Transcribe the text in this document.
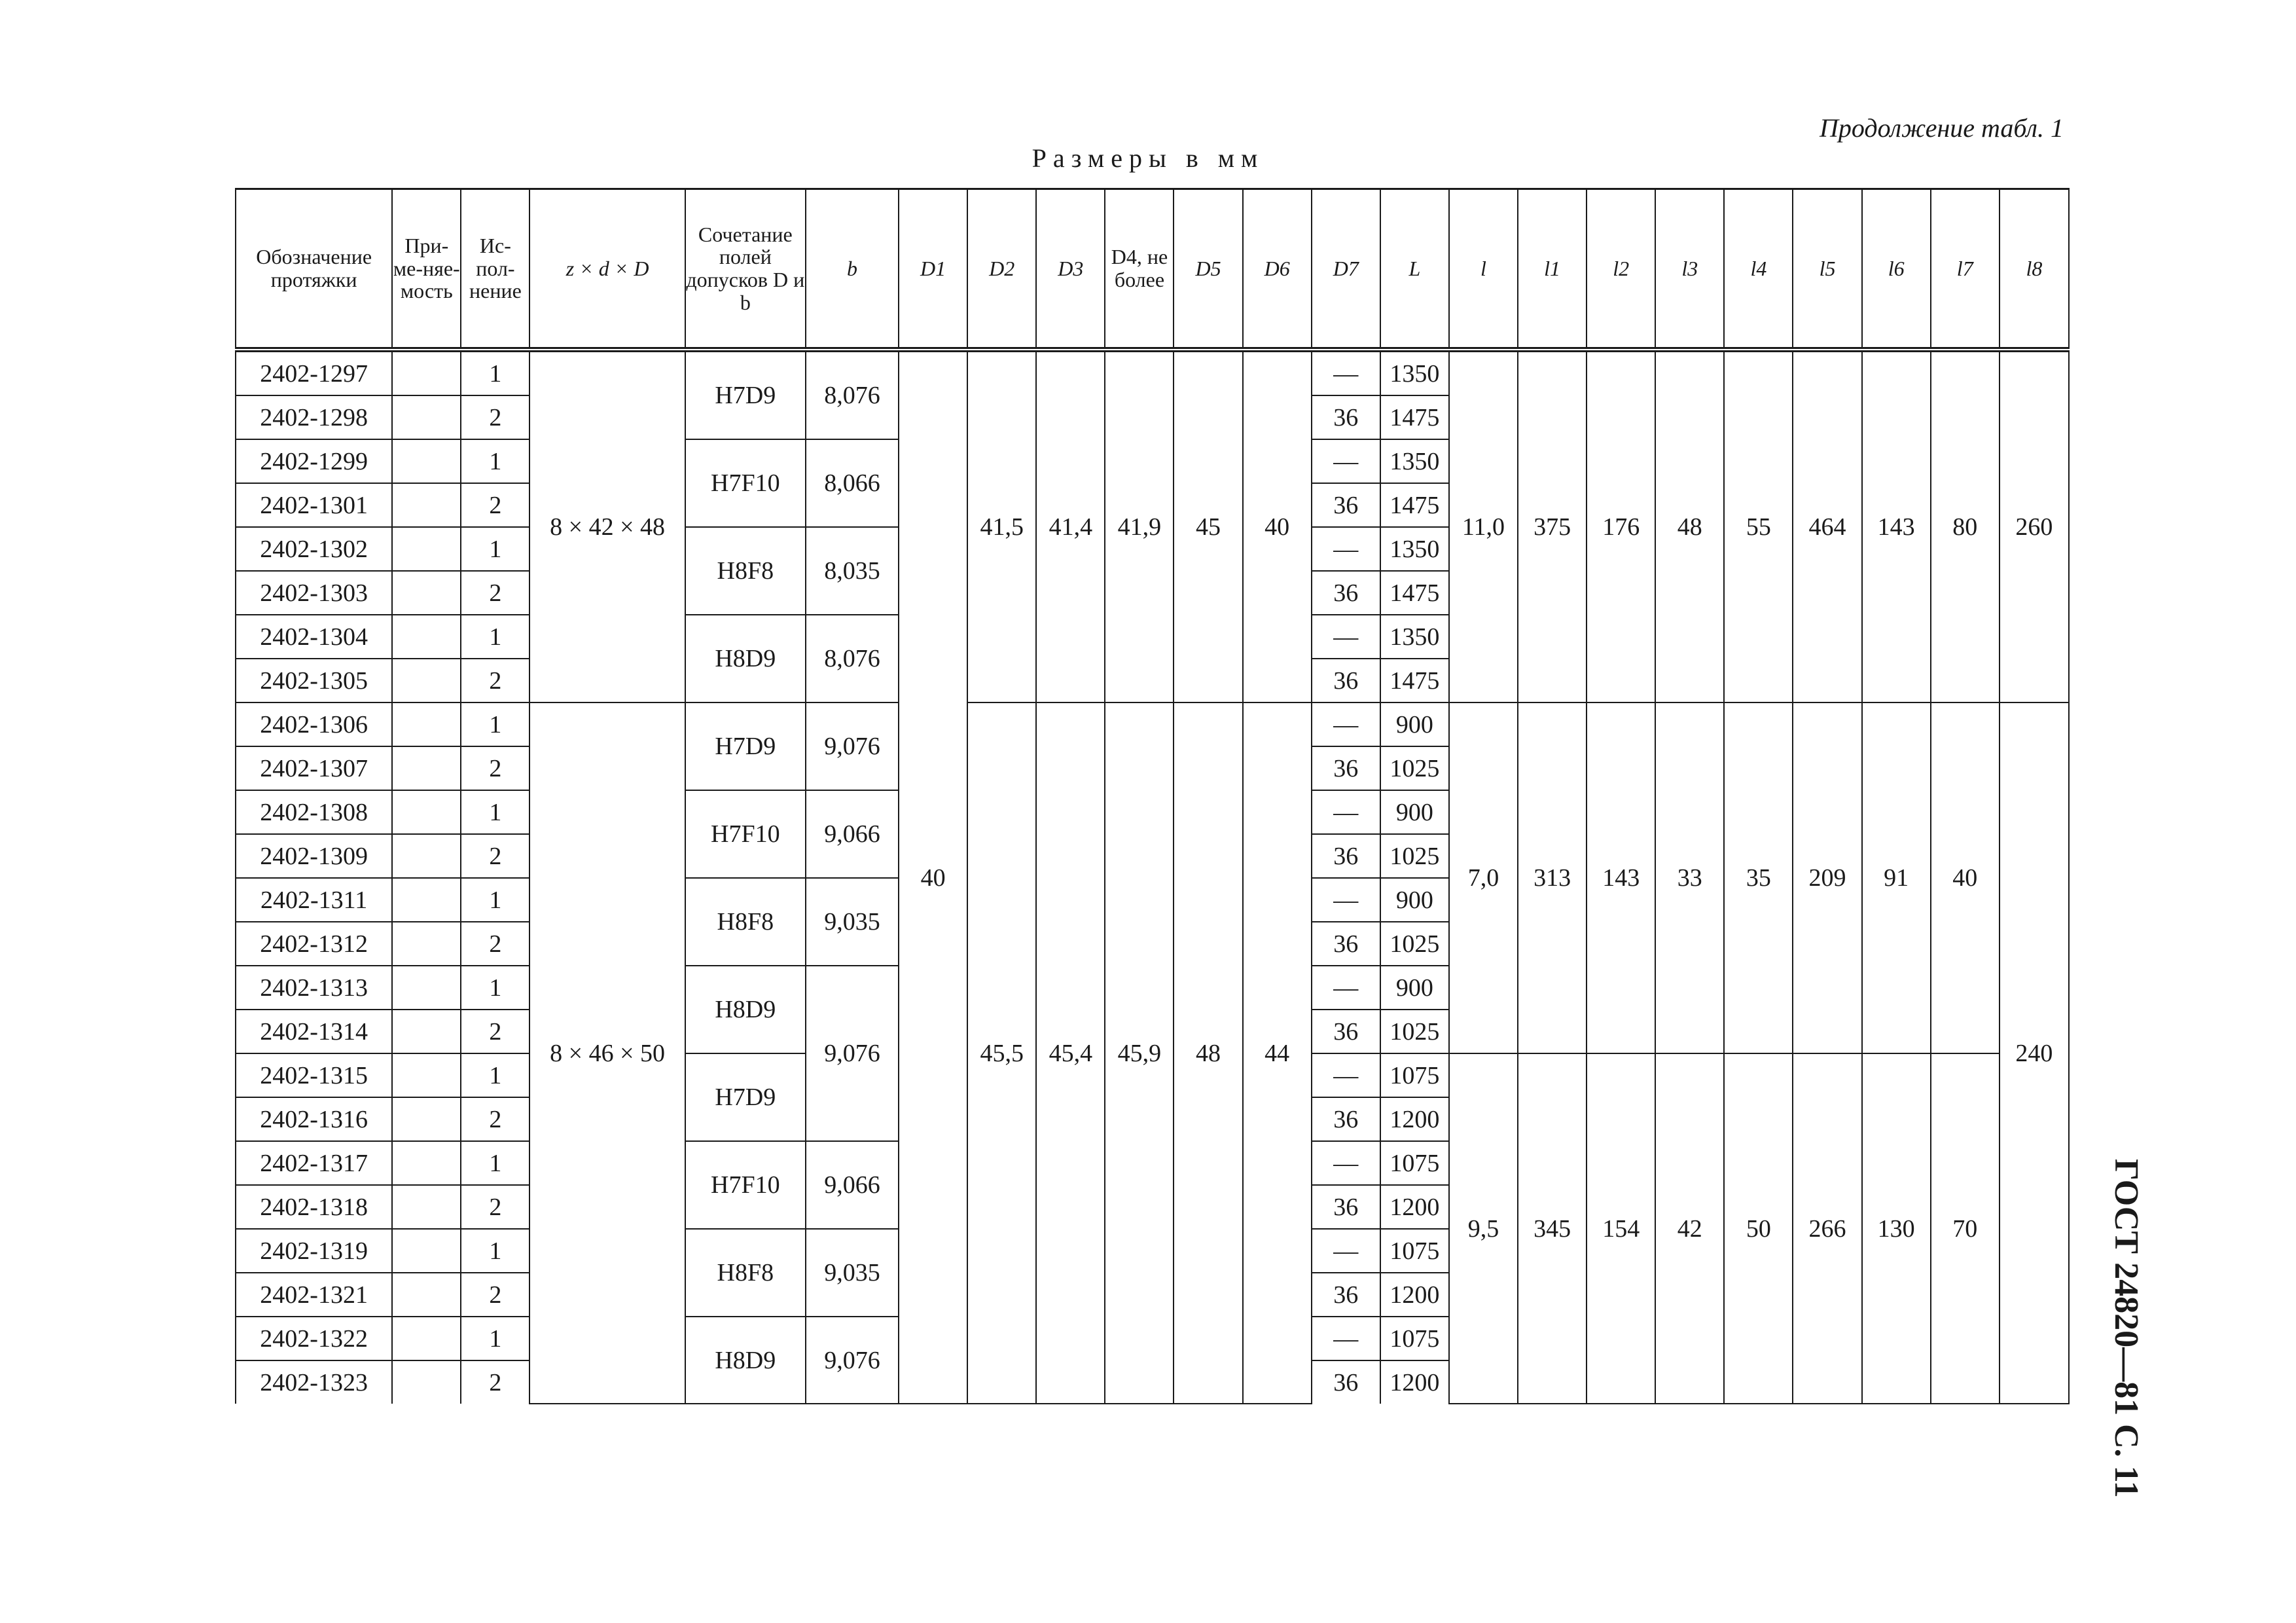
Продолжение табл. 1
Размеры в мм
ГОСТ 24820—81 С. 11
Обозначение протяжки	При-ме-няе-мость	Ис-пол-нение	z × d × D	Сочетание полей допусков D и b	b	D1	D2	D3	D4, не более	D5	D6	D7	L	l	l1	l2	l3	l4	l5	l6	l7	l8
2402-1297		1	8 × 42 × 48	H7D9	8,076	40	41,5	41,4	41,9	45	40	—	1350	11,0	375	176	48	55	464	143	80	260
2402-1298		2										36	1475									
2402-1299		1		H7F10	8,066							—	1350									
2402-1301		2										36	1475									
2402-1302		1		H8F8	8,035							—	1350									
2402-1303		2										36	1475									
2402-1304		1		H8D9	8,076							—	1350									
2402-1305		2										36	1475									
2402-1306		1	8 × 46 × 50	H7D9	9,076		45,5	45,4	45,9	48	44	—	900	7,0	313	143	33	35	209	91	40	240
2402-1307		2										36	1025									
2402-1308		1		H7F10	9,066							—	900									
2402-1309		2										36	1025									
2402-1311		1		H8F8	9,035							—	900									
2402-1312		2										36	1025									
2402-1313		1		H8D9	9,076							—	900									
2402-1314		2										36	1025									
2402-1315		1		H7D9								—	1075	9,5	345	154	42	50	266	130	70	
2402-1316		2										36	1200									
2402-1317		1		H7F10	9,066							—	1075									
2402-1318		2										36	1200									
2402-1319		1		H8F8	9,035							—	1075									
2402-1321		2										36	1200									
2402-1322		1		H8D9	9,076							—	1075									
2402-1323		2										36	1200									
